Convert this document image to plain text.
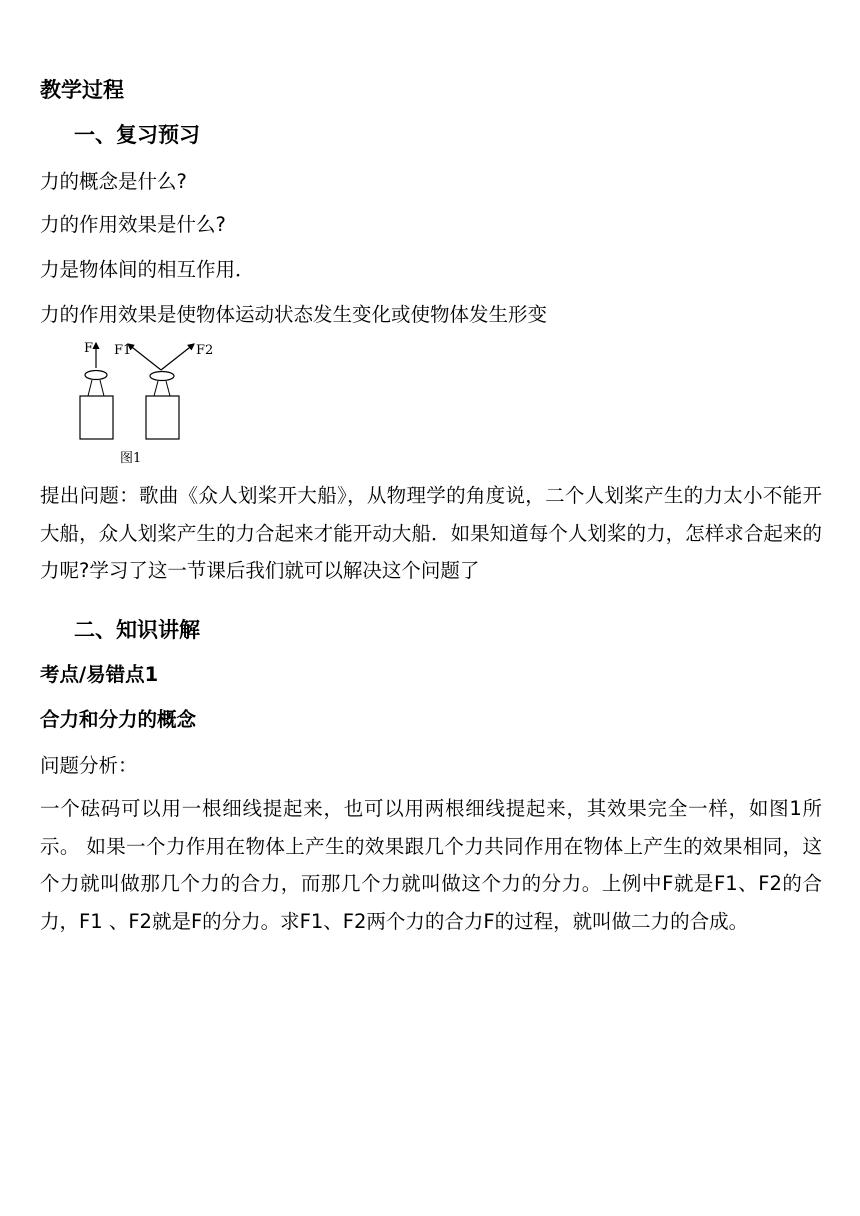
教学过程
一、复习预习
力的概念是什么?
力的作用效果是什么?
力是物体间的相互作用．
力的作用效果是使物体运动状态发生变化或使物体发生形变
F F1	F2
图1
提出问题：歌曲《众人划桨开大船》，从物理学的角度说，二个人划桨产生的力太小不能开大船，众人划桨产生的力合起来才能开动大船．如果知道每个人划桨的力，怎样求合起来的力呢?学习了这一节课后我们就可以解决这个问题了
二、知识讲解
考点/易错点1
合力和分力的概念
问题分析：
一个砝码可以用一根细线提起来，也可以用两根细线提起来，其效果完全一样，如图1所示。 如果一个力作用在物体上产生的效果跟几个力共同作用在物体上产生的效果相同，这个力就叫做那几个力的合力，而那几个力就叫做这个力的分力。上例中F就是F1、F2的合力，F1 、F2就是F的分力。求F1、F2两个力的合力F的过程，就叫做二力的合成。
